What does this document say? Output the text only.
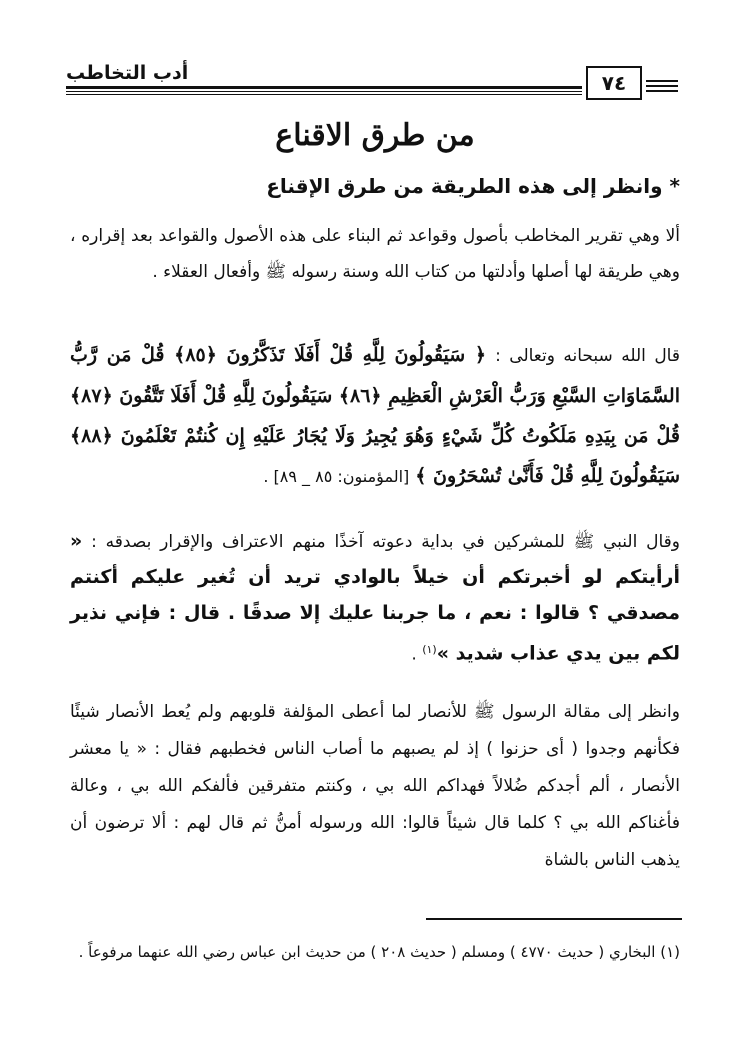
أدب التخاطب	٧٤
من طرق الاقناع
* وانظر إلى هذه الطريقة من طرق الإقناع
ألا وهي تقرير المخاطب بأصول وقواعد ثم البناء على هذه الأصول والقواعد بعد إقراره ، وهي طريقة لها أصلها وأدلتها من كتاب الله وسنة رسوله ﷺ وأفعال العقلاء .
قال الله سبحانه وتعالى : ﴿ سَيَقُولُونَ لِلَّهِ قُلْ أَفَلَا تَذَكَّرُونَ ﴿٨٥﴾ قُلْ مَن رَّبُّ السَّمَاوَاتِ السَّبْعِ وَرَبُّ الْعَرْشِ الْعَظِيمِ ﴿٨٦﴾ سَيَقُولُونَ لِلَّهِ قُلْ أَفَلَا تَتَّقُونَ ﴿٨٧﴾ قُلْ مَن بِيَدِهِ مَلَكُوتُ كُلِّ شَيْءٍ وَهُوَ يُجِيرُ وَلَا يُجَارُ عَلَيْهِ إِن كُنتُمْ تَعْلَمُونَ ﴿٨٨﴾ سَيَقُولُونَ لِلَّهِ قُلْ فَأَنَّىٰ تُسْحَرُونَ ﴾ [المؤمنون: ٨٥ _ ٨٩] .
وقال النبي ﷺ للمشركين في بداية دعوته آخذًا منهم الاعتراف والإقرار بصدقه : « أرأيتكم لو أخبرتكم أن خيلاً بالوادي تريد أن تُغير عليكم أكنتم مصدقي ؟ قالوا : نعم ، ما جربنا عليك إلا صدقًا . قال : فإني نذير لكم بين يدي عذاب شديد »$^{(١)}$ .
وانظر إلى مقالة الرسول ﷺ للأنصار لما أعطى المؤلفة قلوبهم ولم يُعط الأنصار شيئًا فكأنهم وجدوا ( أى حزنوا ) إذ لم يصبهم ما أصاب الناس فخطبهم فقال : « يا معشر الأنصار ، ألم أجدكم ضُلالاً فهداكم الله بي ، وكنتم متفرقين فألفكم الله بي ، وعالة فأغناكم الله بي ؟ كلما قال شيئاً قالوا: الله ورسوله أمنُّ ثم قال لهم : ألا ترضون أن يذهب الناس بالشاة
(١) البخاري ( حديث ٤٧٧٠ ) ومسلم ( حديث ٢٠٨ ) من حديث ابن عباس رضي الله عنهما مرفوعاً .
